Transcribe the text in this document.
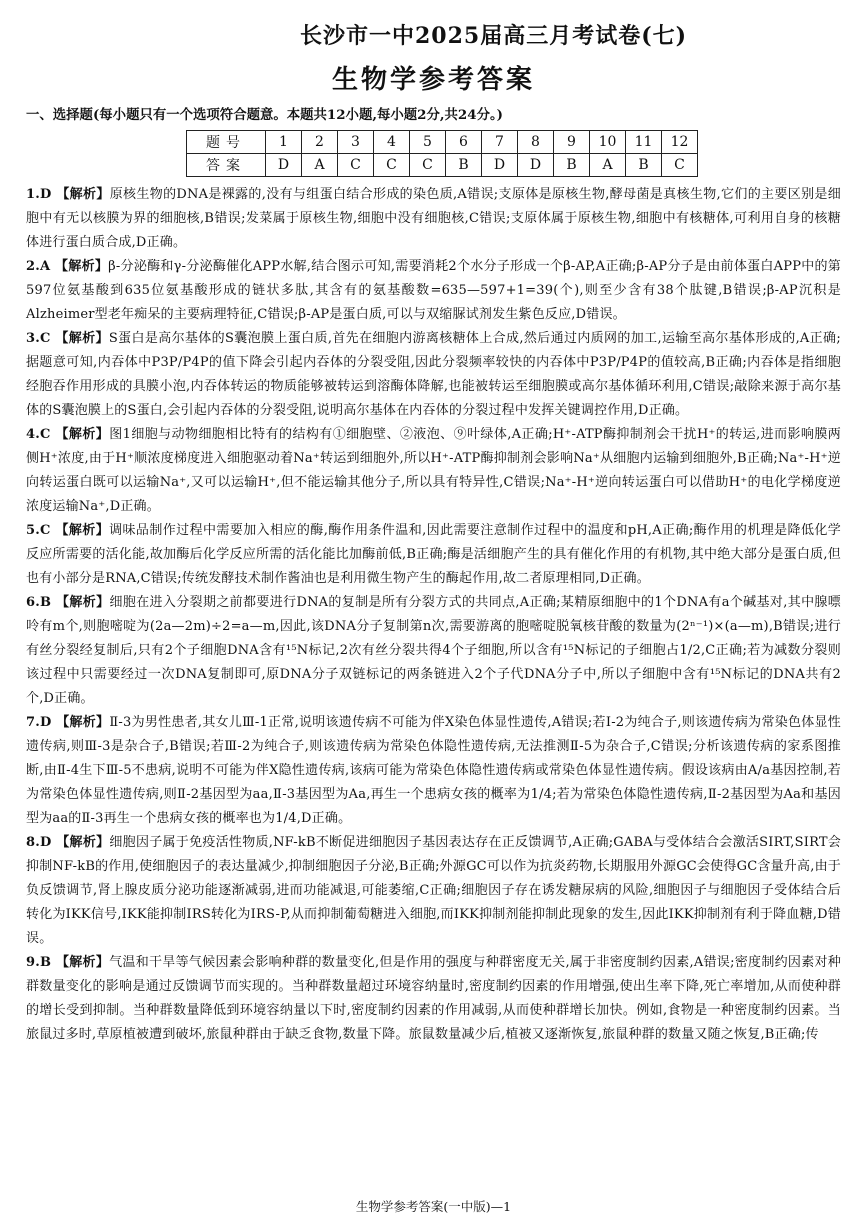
长沙市一中2025届高三月考试卷(七)
生物学参考答案
一、选择题(每小题只有一个选项符合题意。本题共12小题,每小题2分,共24分。)
题号	1	2	3	4	5	6	7	8	9	10	11	12
答案	D	A	C	C	C	B	D	D	B	A	B	C

1.D 【解析】原核生物的DNA是裸露的,没有与组蛋白结合形成的染色质,A错误;支原体是原核生物,酵母菌是真核生物,它们的主要区别是细胞中有无以核膜为界的细胞核,B错误;发菜属于原核生物,细胞中没有细胞核,C错误;支原体属于原核生物,细胞中有核糖体,可利用自身的核糖体进行蛋白质合成,D正确。

2.A 【解析】β-分泌酶和γ-分泌酶催化APP水解,结合图示可知,需要消耗2个水分子形成一个β-AP,A正确;β-AP分子是由前体蛋白APP中的第597位氨基酸到635位氨基酸形成的链状多肽,其含有的氨基酸数=635—597+1=39(个),则至少含有38个肽键,B错误;β-AP沉积是Alzheimer型老年痴呆的主要病理特征,C错误;β-AP是蛋白质,可以与双缩脲试剂发生紫色反应,D错误。

3.C 【解析】S蛋白是高尔基体的S囊泡膜上蛋白质,首先在细胞内游离核糖体上合成,然后通过内质网的加工,运输至高尔基体形成的,A正确;据题意可知,内吞体中P3P/P4P的值下降会引起内吞体的分裂受阻,因此分裂频率较快的内吞体中P3P/P4P的值较高,B正确;内吞体是指细胞经胞吞作用形成的具膜小泡,内吞体转运的物质能够被转运到溶酶体降解,也能被转运至细胞膜或高尔基体循环利用,C错误;敲除来源于高尔基体的S囊泡膜上的S蛋白,会引起内吞体的分裂受阻,说明高尔基体在内吞体的分裂过程中发挥关键调控作用,D正确。

4.C 【解析】图1细胞与动物细胞相比特有的结构有①细胞壁、②液泡、⑨叶绿体,A正确;H⁺-ATP酶抑制剂会干扰H⁺的转运,进而影响膜两侧H⁺浓度,由于H⁺顺浓度梯度进入细胞驱动着Na⁺转运到细胞外,所以H⁺-ATP酶抑制剂会影响Na⁺从细胞内运输到细胞外,B正确;Na⁺-H⁺逆向转运蛋白既可以运输Na⁺,又可以运输H⁺,但不能运输其他分子,所以具有特异性,C错误;Na⁺-H⁺逆向转运蛋白可以借助H⁺的电化学梯度逆浓度运输Na⁺,D正确。

5.C 【解析】调味品制作过程中需要加入相应的酶,酶作用条件温和,因此需要注意制作过程中的温度和pH,A正确;酶作用的机理是降低化学反应所需要的活化能,故加酶后化学反应所需的活化能比加酶前低,B正确;酶是活细胞产生的具有催化作用的有机物,其中绝大部分是蛋白质,但也有小部分是RNA,C错误;传统发酵技术制作酱油也是利用微生物产生的酶起作用,故二者原理相同,D正确。

6.B 【解析】细胞在进入分裂期之前都要进行DNA的复制是所有分裂方式的共同点,A正确;某精原细胞中的1个DNA有a个碱基对,其中腺嘌呤有m个,则胞嘧啶为(2a—2m)÷2=a—m,因此,该DNA分子复制第n次,需要游离的胞嘧啶脱氧核苷酸的数量为(2ⁿ⁻¹)×(a—m),B错误;进行有丝分裂经复制后,只有2个子细胞DNA含有¹⁵N标记,2次有丝分裂共得4个子细胞,所以含有¹⁵N标记的子细胞占1/2,C正确;若为减数分裂则该过程中只需要经过一次DNA复制即可,原DNA分子双链标记的两条链进入2个子代DNA分子中,所以子细胞中含有¹⁵N标记的DNA共有2个,D正确。

7.D 【解析】Ⅱ-3为男性患者,其女儿Ⅲ-1正常,说明该遗传病不可能为伴X染色体显性遗传,A错误;若Ⅰ-2为纯合子,则该遗传病为常染色体显性遗传病,则Ⅲ-3是杂合子,B错误;若Ⅲ-2为纯合子,则该遗传病为常染色体隐性遗传病,无法推测Ⅱ-5为杂合子,C错误;分析该遗传病的家系图推断,由Ⅱ-4生下Ⅲ-5不患病,说明不可能为伴X隐性遗传病,该病可能为常染色体隐性遗传病或常染色体显性遗传病。假设该病由A/a基因控制,若为常染色体显性遗传病,则Ⅱ-2基因型为aa,Ⅱ-3基因型为Aa,再生一个患病女孩的概率为1/4;若为常染色体隐性遗传病,Ⅱ-2基因型为Aa和基因型为aa的Ⅱ-3再生一个患病女孩的概率也为1/4,D正确。

8.D 【解析】细胞因子属于免疫活性物质,NF-kB不断促进细胞因子基因表达存在正反馈调节,A正确;GABA与受体结合会激活SIRT,SIRT会抑制NF-kB的作用,使细胞因子的表达量减少,抑制细胞因子分泌,B正确;外源GC可以作为抗炎药物,长期服用外源GC会使得GC含量升高,由于负反馈调节,肾上腺皮质分泌功能逐渐减弱,进而功能减退,可能萎缩,C正确;细胞因子存在诱发糖尿病的风险,细胞因子与细胞因子受体结合后转化为IKK信号,IKK能抑制IRS转化为IRS-P,从而抑制葡萄糖进入细胞,而IKK抑制剂能抑制此现象的发生,因此IKK抑制剂有利于降血糖,D错误。

9.B 【解析】气温和干旱等气候因素会影响种群的数量变化,但是作用的强度与种群密度无关,属于非密度制约因素,A错误;密度制约因素对种群数量变化的影响是通过反馈调节而实现的。当种群数量超过环境容纳量时,密度制约因素的作用增强,使出生率下降,死亡率增加,从而使种群的增长受到抑制。当种群数量降低到环境容纳量以下时,密度制约因素的作用减弱,从而使种群增长加快。例如,食物是一种密度制约因素。当旅鼠过多时,草原植被遭到破坏,旅鼠种群由于缺乏食物,数量下降。旅鼠数量减少后,植被又逐渐恢复,旅鼠种群的数量又随之恢复,B正确;传

生物学参考答案(一中版)—1
